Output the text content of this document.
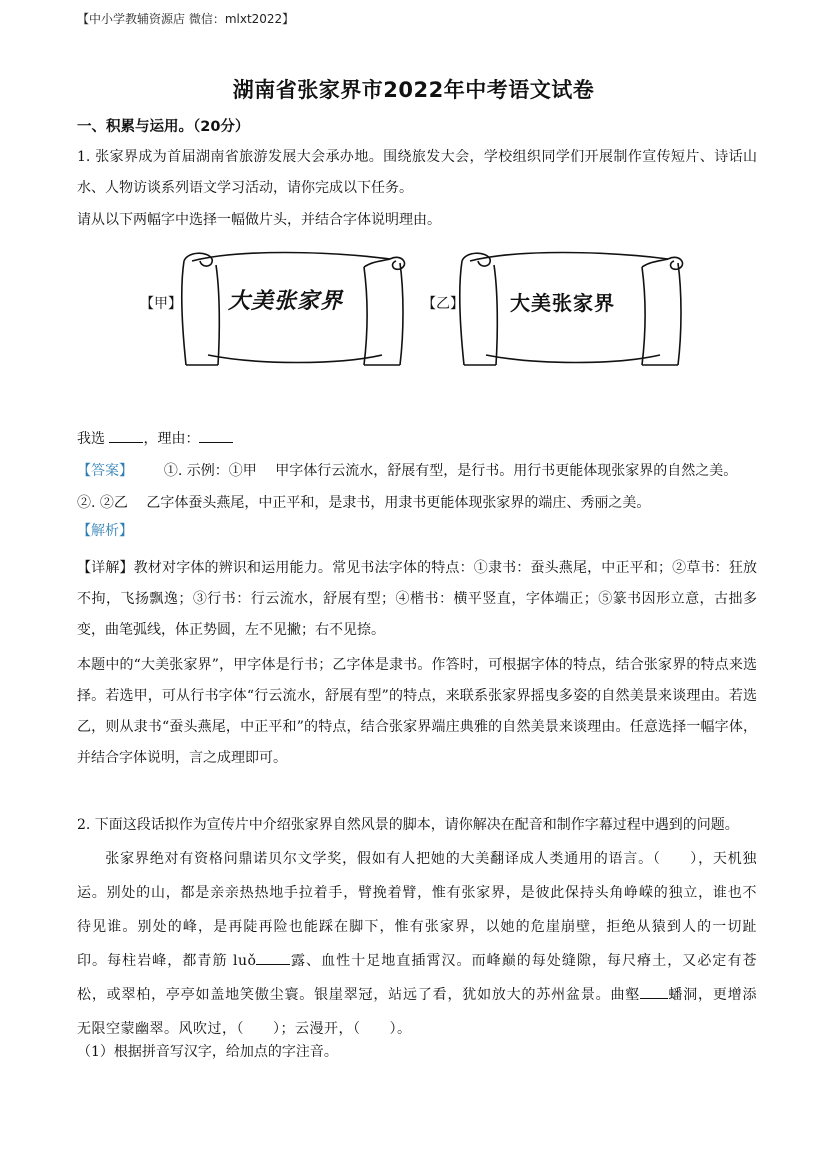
【中小学教辅资源店 微信：mlxt2022】
湖南省张家界市2022年中考语文试卷
一、积累与运用。（20分）
1. 张家界成为首届湖南省旅游发展大会承办地。围绕旅发大会，学校组织同学们开展制作宣传短片、诗话山水、人物访谈系列语文学习活动，请你完成以下任务。
请从以下两幅字中选择一幅做片头，并结合字体说明理由。
【甲】 大美张家界	【乙】 大美张家界
我选	，理由：
【答案】 ①. 示例：①甲　 甲字体行云流水，舒展有型，是行书。用行书更能体现张家界的自然之美。
②. ②乙　 乙字体蚕头燕尾，中正平和，是隶书，用隶书更能体现张家界的端庄、秀丽之美。
【解析】
【详解】教材对字体的辨识和运用能力。常见书法字体的特点：①隶书：蚕头燕尾，中正平和；②草书：狂放不拘，飞扬飘逸；③行书：行云流水，舒展有型；④楷书：横平竖直，字体端正；⑤篆书因形立意，古拙多变，曲笔弧线，体正势圆，左不见撇；右不见捺。
本题中的“大美张家界”，甲字体是行书；乙字体是隶书。作答时，可根据字体的特点，结合张家界的特点来选择。若选甲，可从行书字体“行云流水，舒展有型”的特点，来联系张家界摇曳多姿的自然美景来谈理由。若选乙，则从隶书“蚕头燕尾，中正平和”的特点，结合张家界端庄典雅的自然美景来谈理由。任意选择一幅字体，并结合字体说明，言之成理即可。
2. 下面这段话拟作为宣传片中介绍张家界自然风景的脚本，请你解决在配音和制作字幕过程中遇到的问题。
张家界绝对有资格问鼎诺贝尔文学奖，假如有人把她的大美翻译成人类通用的语言。（　　），天机独运。别处的山，都是亲亲热热地手拉着手，臂挽着臂，惟有张家界，是彼此保持头角峥嵘的独立，谁也不待见谁。别处的峰，是再陡再险也能踩在脚下，惟有张家界，以她的危崖崩壁，拒绝从猿到人的一切趾印。每柱岩峰，都青筋 luǒ 露、血性十足地直插霄汉。而峰巅的每处缝隙，每尺瘠土，又必定有苍松，或翠柏，亭亭如盖地笑傲尘寰。银崖翠冠，站远了看，犹如放大的苏州盆景。曲壑 蟠洞，更增添无限空蒙幽翠。风吹过，（　　）；云漫开，（　　）。
（1）根据拼音写汉字，给加点的字注音。
